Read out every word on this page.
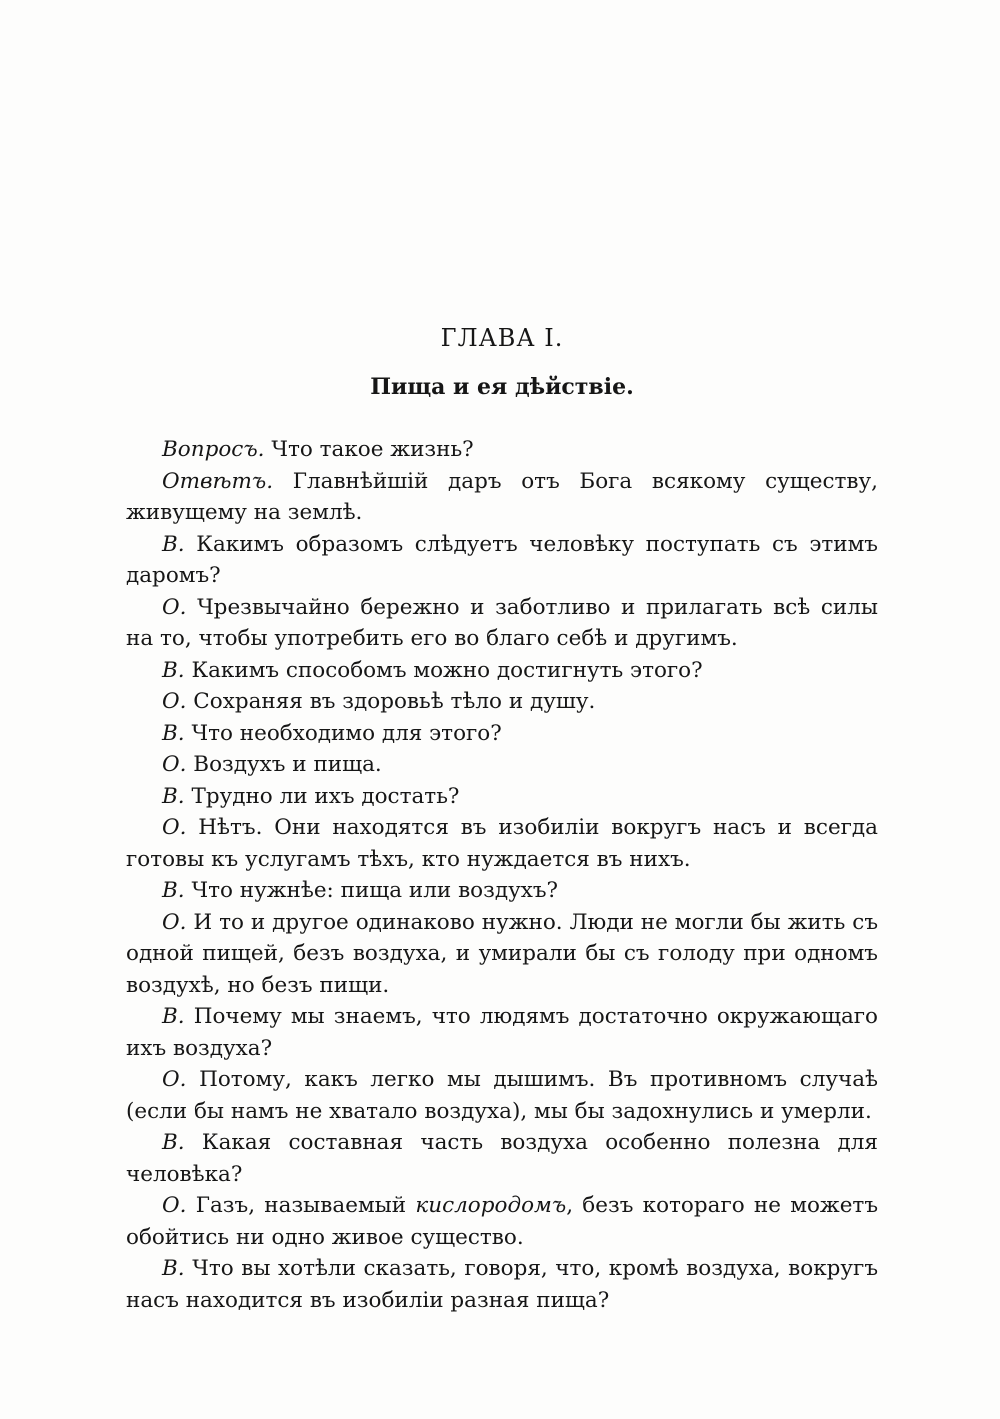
ГЛАВА I.
Пища и ея дѣйствіе.

Вопросъ. Что такое жизнь?

Отвѣтъ. Главнѣйшій даръ отъ Бога всякому существу, живущему на землѣ.

В. Какимъ образомъ слѣдуетъ человѣку поступать съ этимъ даромъ?

О. Чрезвычайно бережно и заботливо и прилагать всѣ силы на то, чтобы употребить его во благо себѣ и другимъ.

В. Какимъ способомъ можно достигнуть этого?

О. Сохраняя въ здоровьѣ тѣло и душу.

В. Что необходимо для этого?

О. Воздухъ и пища.

В. Трудно ли ихъ достать?

О. Нѣтъ. Они находятся въ изобиліи вокругъ насъ и всегда готовы къ услугамъ тѣхъ, кто нуждается въ нихъ.

В. Что нужнѣе: пища или воздухъ?

О. И то и другое одинаково нужно. Люди не могли бы жить съ одной пищей, безъ воздуха, и умирали бы съ голоду при одномъ воздухѣ, но безъ пищи.

В. Почему мы знаемъ, что людямъ достаточно окружающаго ихъ воздуха?

О. Потому, какъ легко мы дышимъ. Въ противномъ случаѣ (если бы намъ не хватало воздуха), мы бы задохнулись и умерли.

В. Какая составная часть воздуха особенно полезна для человѣка?

О. Газъ, называемый кислородомъ, безъ котораго не можетъ обойтись ни одно живое существо.

В. Что вы хотѣли сказать, говоря, что, кромѣ воздуха, вокругъ насъ находится въ изобиліи разная пища?
